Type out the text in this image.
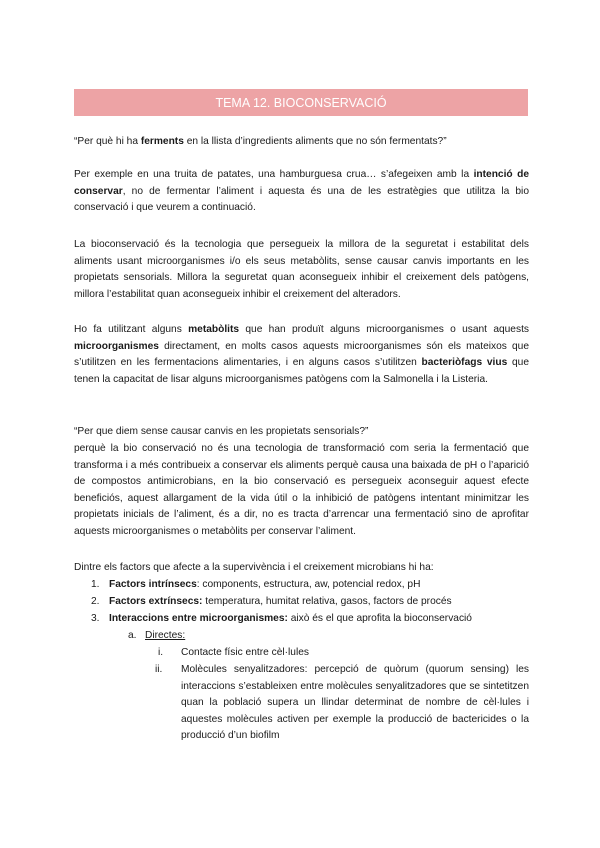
TEMA 12. BIOCONSERVACIÓ

“Per què hi ha ferments en la llista d’ingredients aliments que no són fermentats?”

Per exemple en una truita de patates, una hamburguesa crua… s’afegeixen amb la intenció de conservar, no de fermentar l’aliment i aquesta és una de les estratègies que utilitza la bio conservació i que veurem a continuació.

La bioconservació és la tecnologia que persegueix la millora de la seguretat i estabilitat dels aliments usant microorganismes i/o els seus metabòlits, sense causar canvis importants en les propietats sensorials. Millora la seguretat quan aconsegueix inhibir el creixement dels patògens, millora l’estabilitat quan aconsegueix inhibir el creixement del alteradors.

Ho fa utilitzant alguns metabòlits que han produït alguns microorganismes o usant aquests microorganismes directament, en molts casos aquests microorganismes són els mateixos que s’utilitzen en les fermentacions alimentaries, i en alguns casos s’utilitzen bacteriòfags vius que tenen la capacitat de lisar alguns microorganismes patògens com la Salmonella i la Listeria.

“Per que diem sense causar canvis en les propietats sensorials?”

perquè la bio conservació no és una tecnologia de transformació com seria la fermentació que transforma i a més contribueix a conservar els aliments perquè causa una baixada de pH o l’aparició de compostos antimicrobians, en la bio conservació es persegueix aconseguir aquest efecte beneficiós, aquest allargament de la vida útil o la inhibició de patògens intentant minimitzar les propietats inicials de l’aliment, és a dir, no es tracta d’arrencar una fermentació sino de aprofitar aquests microorganismes o metabòlits per conservar l’aliment.

Dintre els factors que afecte a la supervivència i el creixement microbians hi ha:

1. Factors intrínsecs: components, estructura, aw, potencial redox, pH
2. Factors extrínsecs: temperatura, humitat relativa, gasos, factors de procés
3. Interaccions entre microorganismes: això és el que aprofita la bioconservació
a. Directes:
i. Contacte físic entre cèl·lules
ii. Molècules senyalitzadores: percepció de quòrum (quorum sensing) les interaccions s’estableixen entre molècules senyalitzadores que se sintetitzen quan la població supera un llindar determinat de nombre de cèl·lules i aquestes molècules activen per exemple la producció de bactericides o la producció d’un biofilm
